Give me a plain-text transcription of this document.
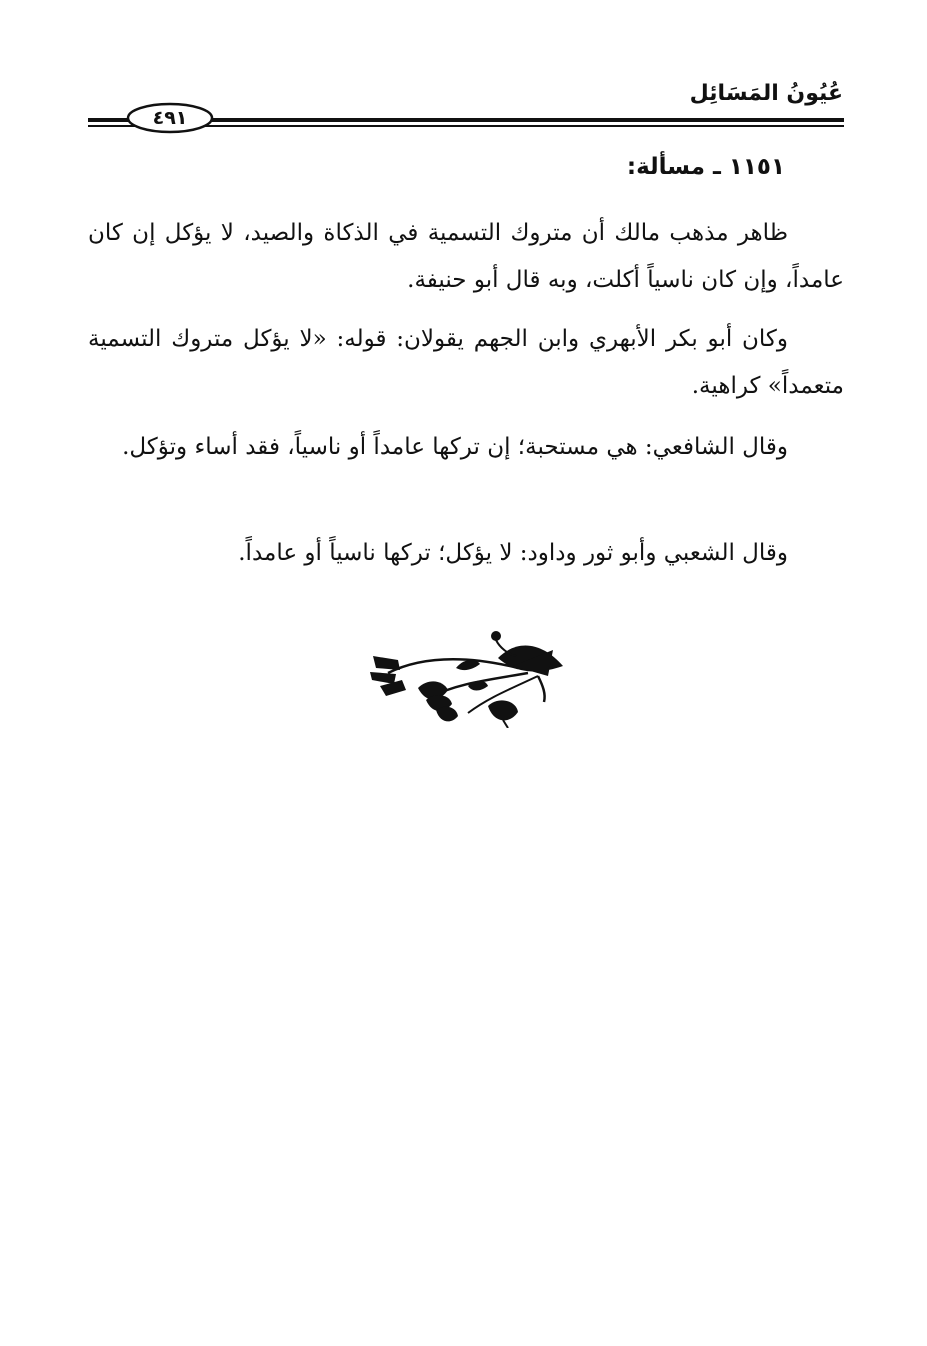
عُيُونُ المَسَائِل
٤٩١
١١٥١ ـ مسألة:

ظاهر مذهب مالك أن متروك التسمية في الذكاة والصيد، لا يؤكل إن كان عامداً، وإن كان ناسياً أكلت، وبه قال أبو حنيفة.

وكان أبو بكر الأبهري وابن الجهم يقولان: قوله: «لا يؤكل متروك التسمية متعمداً» كراهية.

وقال الشافعي: هي مستحبة؛ إن تركها عامداً أو ناسياً، فقد أساء وتؤكل.

وقال الشعبي وأبو ثور وداود: لا يؤكل؛ تركها ناسياً أو عامداً.
